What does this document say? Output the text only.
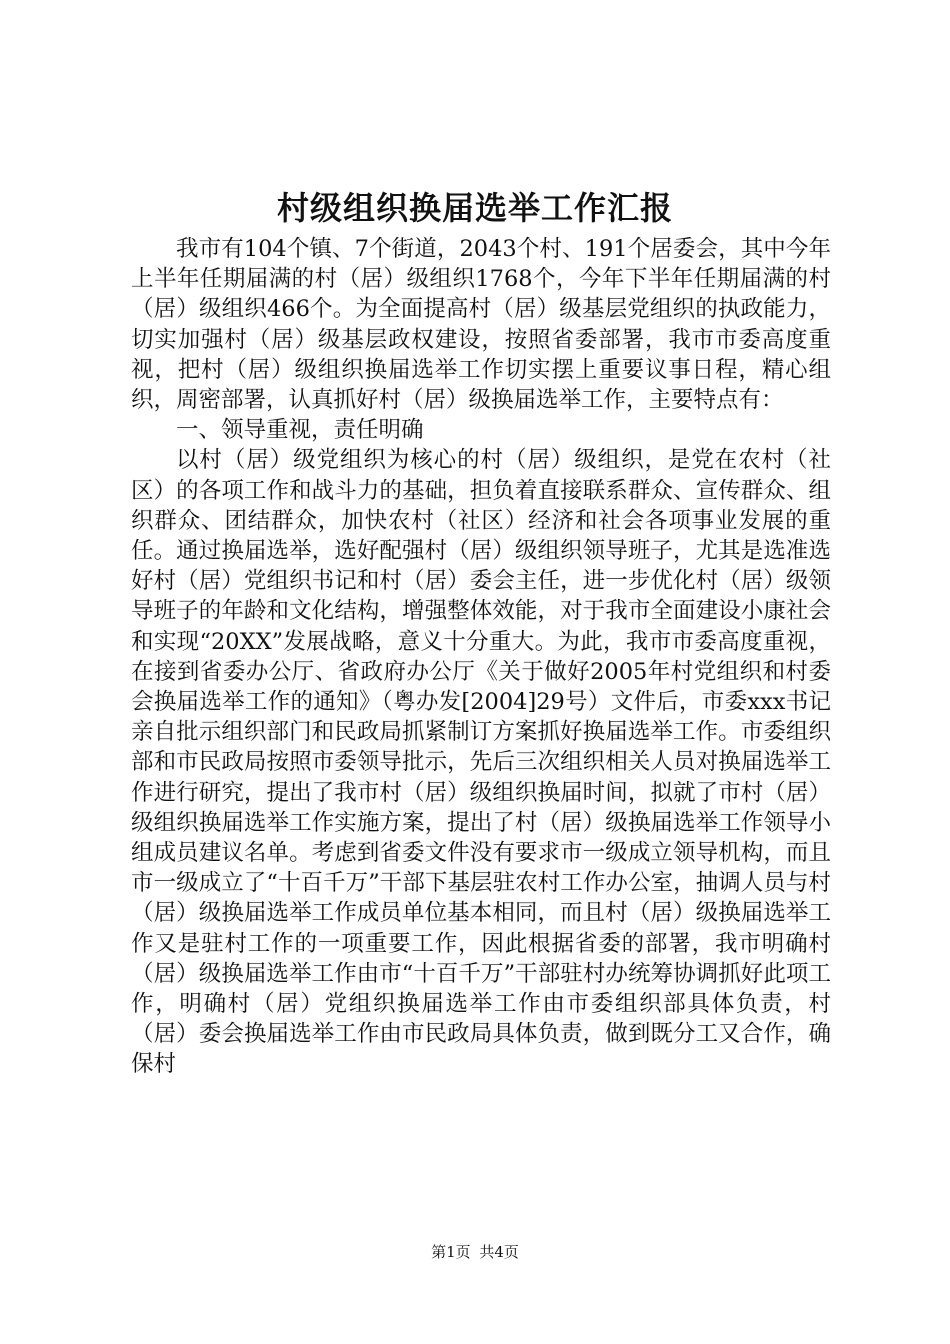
村级组织换届选举工作汇报

我市有104个镇、7个街道，2043个村、191个居委会，其中今年上半年任期届满的村（居）级组织1768个，今年下半年任期届满的村（居）级组织466个。为全面提高村（居）级基层党组织的执政能力，切实加强村（居）级基层政权建设，按照省委部署，我市市委高度重视，把村（居）级组织换届选举工作切实摆上重要议事日程，精心组织，周密部署，认真抓好村（居）级换届选举工作，主要特点有：

一、领导重视，责任明确

以村（居）级党组织为核心的村（居）级组织，是党在农村（社区）的各项工作和战斗力的基础，担负着直接联系群众、宣传群众、组织群众、团结群众，加快农村（社区）经济和社会各项事业发展的重任。通过换届选举，选好配强村（居）级组织领导班子，尤其是选准选好村（居）党组织书记和村（居）委会主任，进一步优化村（居）级领导班子的年龄和文化结构，增强整体效能，对于我市全面建设小康社会和实现“20XX”发展战略，意义十分重大。为此，我市市委高度重视，在接到省委办公厅、省政府办公厅《关于做好2005年村党组织和村委会换届选举工作的通知》（粤办发[2004]29号）文件后，市委xxx书记亲自批示组织部门和民政局抓紧制订方案抓好换届选举工作。市委组织部和市民政局按照市委领导批示，先后三次组织相关人员对换届选举工作进行研究，提出了我市村（居）级组织换届时间，拟就了市村（居）级组织换届选举工作实施方案，提出了村（居）级换届选举工作领导小组成员建议名单。考虑到省委文件没有要求市一级成立领导机构，而且市一级成立了“十百千万”干部下基层驻农村工作办公室，抽调人员与村（居）级换届选举工作成员单位基本相同，而且村（居）级换届选举工作又是驻村工作的一项重要工作，因此根据省委的部署，我市明确村（居）级换届选举工作由市“十百千万”干部驻村办统筹协调抓好此项工作，明确村（居）党组织换届选举工作由市委组织部具体负责，村（居）委会换届选举工作由市民政局具体负责，做到既分工又合作，确保村

第1页 共4页
